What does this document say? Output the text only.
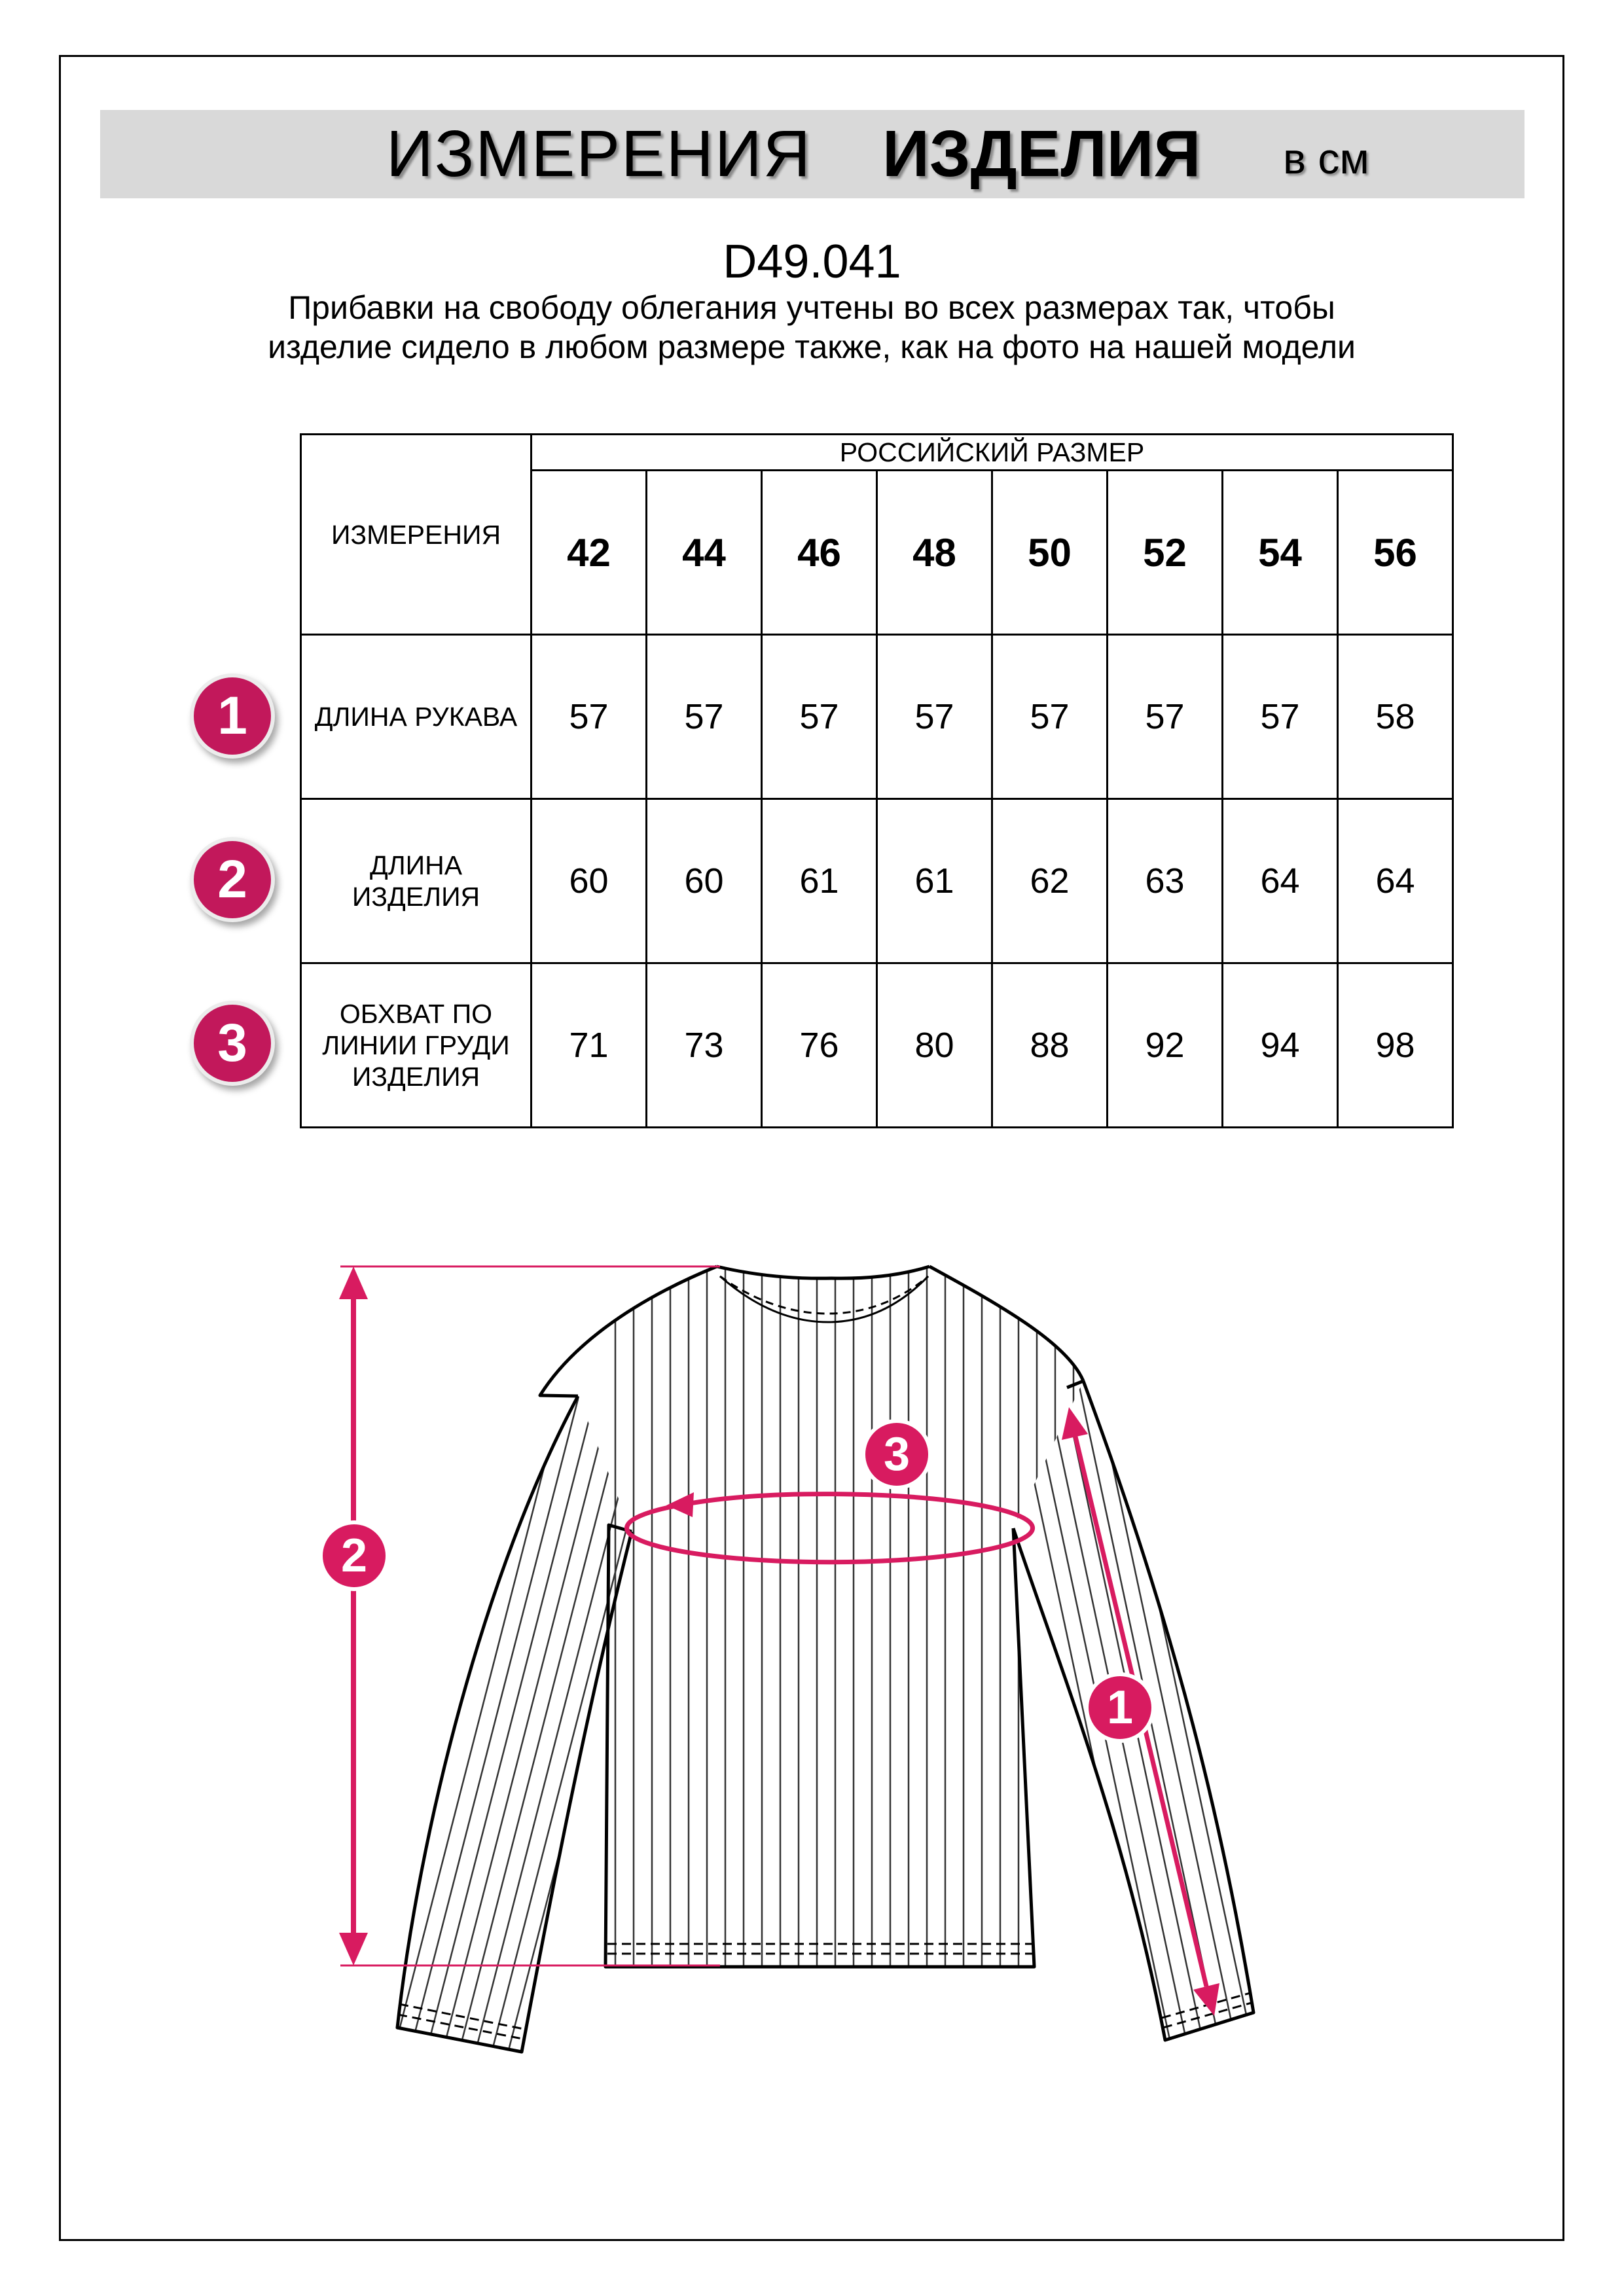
ИЗМЕРЕНИЯ ИЗДЕЛИЯ в см
D49.041
Прибавки на свободу облегания учтены во всех размерах так, чтобы изделие сидело в любом размере также, как на фото на нашей модели
ИЗМЕРЕНИЯ	РОССИЙСКИЙ РАЗМЕР							
	42	44	46	48	50	52	54	56
ДЛИНА РУКАВА	57	57	57	57	57	57	57	58
ДЛИНА ИЗДЕЛИЯ	60	60	61	61	62	63	64	64
ОБХВАТ ПО ЛИНИИ ГРУДИ ИЗДЕЛИЯ	71	73	76	80	88	92	94	98
1
2
3
2
3
1
